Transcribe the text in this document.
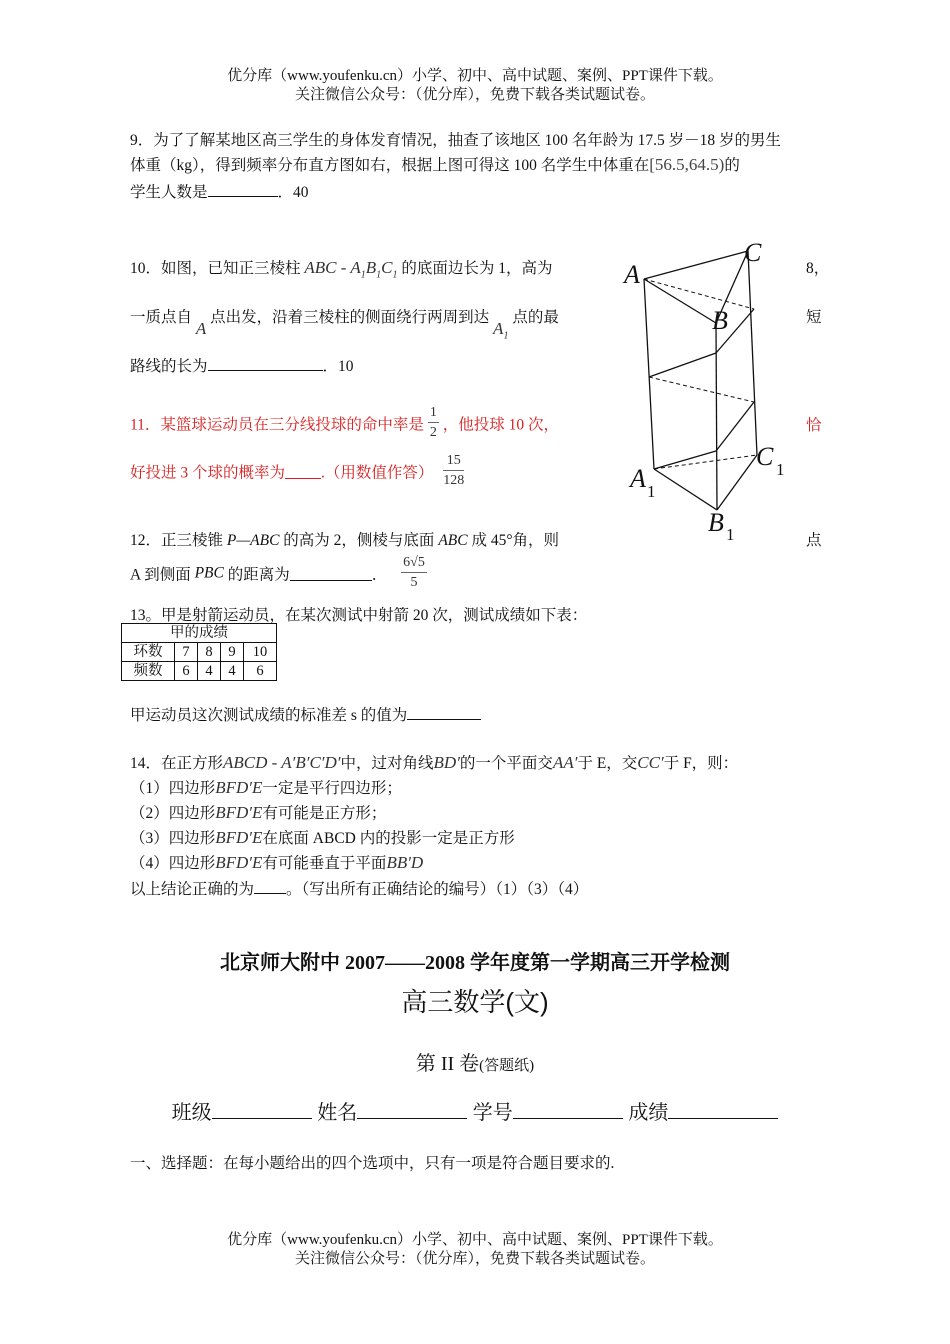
优分库（www.youfenku.cn）小学、初中、高中试题、案例、PPT课件下载。
关注微信公众号：（优分库），免费下载各类试题试卷。
9．为了了解某地区高三学生的身体发育情况，抽查了该地区 100 名年龄为 17.5 岁－18 岁的男生
体重（kg），得到频率分布直方图如右，根据上图可得这 100 名学生中体重在[56.5,64.5)的
学生人数是	．40
10．如图，已知正三棱柱 ABC - $A_1B_1C_1$ 的底面边长为 1，高为	8，
一质点自 A 点出发，沿着三棱柱的侧面绕行两周到达 $A_1$ 点的最	短
路线的长为	．10
11．某篮球运动员在三分线投球的命中率是 $\frac{1}{2}$ ，他投球 10 次，	恰
好投进 3 个球的概率为 .（用数值作答） $\frac{15}{128}$
12．正三棱锥 P—ABC 的高为 2，侧棱与底面 ABC 成 45°角，则	点
A 到侧面 PBC 的距离为	． $\frac{6√5}{5}$
13。甲是射箭运动员，在某次测试中射箭 20 次，测试成绩如下表：
甲的成绩				
环数	7	8	9	10
频数	6	4	4	6
甲运动员这次测试成绩的标准差 s 的值为
14．在正方形ABCD - A′B′C′D′中，过对角线BD′的一个平面交AA′于 E，交CC′于 F，则：
（1）四边形BFD′E一定是平行四边形；
（2）四边形BFD′E有可能是正方形；
（3）四边形BFD′E在底面 ABCD 内的投影一定是正方形
（4）四边形BFD′E有可能垂直于平面BB′D
以上结论正确的为 。（写出所有正确结论的编号）（1）（3）（4）
A
B
C
A
B
C
1
1
1
北京师大附中 2007——2008 学年度第一学期高三开学检测
高三数学(文)
第 II 卷(答题纸)
班级	姓名	学号	成绩
一、选择题：在每小题给出的四个选项中，只有一项是符合题目要求的.
优分库（www.youfenku.cn）小学、初中、高中试题、案例、PPT课件下载。
关注微信公众号：（优分库），免费下载各类试题试卷。
